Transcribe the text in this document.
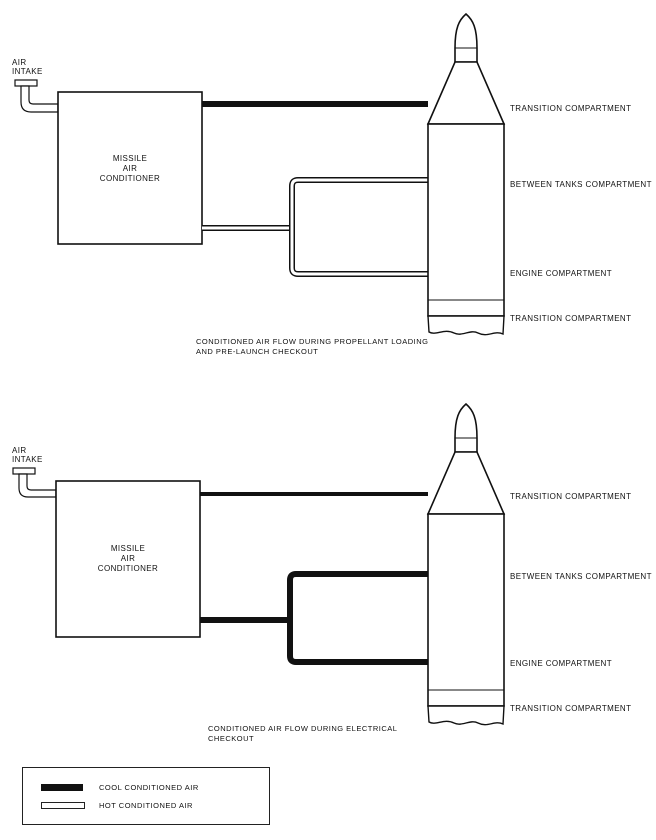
AIR
INTAKE
MISSILE
AIR
CONDITIONER
TRANSITION COMPARTMENT
BETWEEN TANKS COMPARTMENT
ENGINE COMPARTMENT
TRANSITION COMPARTMENT
CONDITIONED AIR FLOW DURING PROPELLANT LOADING
AND PRE-LAUNCH CHECKOUT
AIR
INTAKE
MISSILE
AIR
CONDITIONER
TRANSITION COMPARTMENT
BETWEEN TANKS COMPARTMENT
ENGINE COMPARTMENT
TRANSITION COMPARTMENT
CONDITIONED AIR FLOW DURING ELECTRICAL
CHECKOUT
COOL CONDITIONED AIR
HOT CONDITIONED AIR
